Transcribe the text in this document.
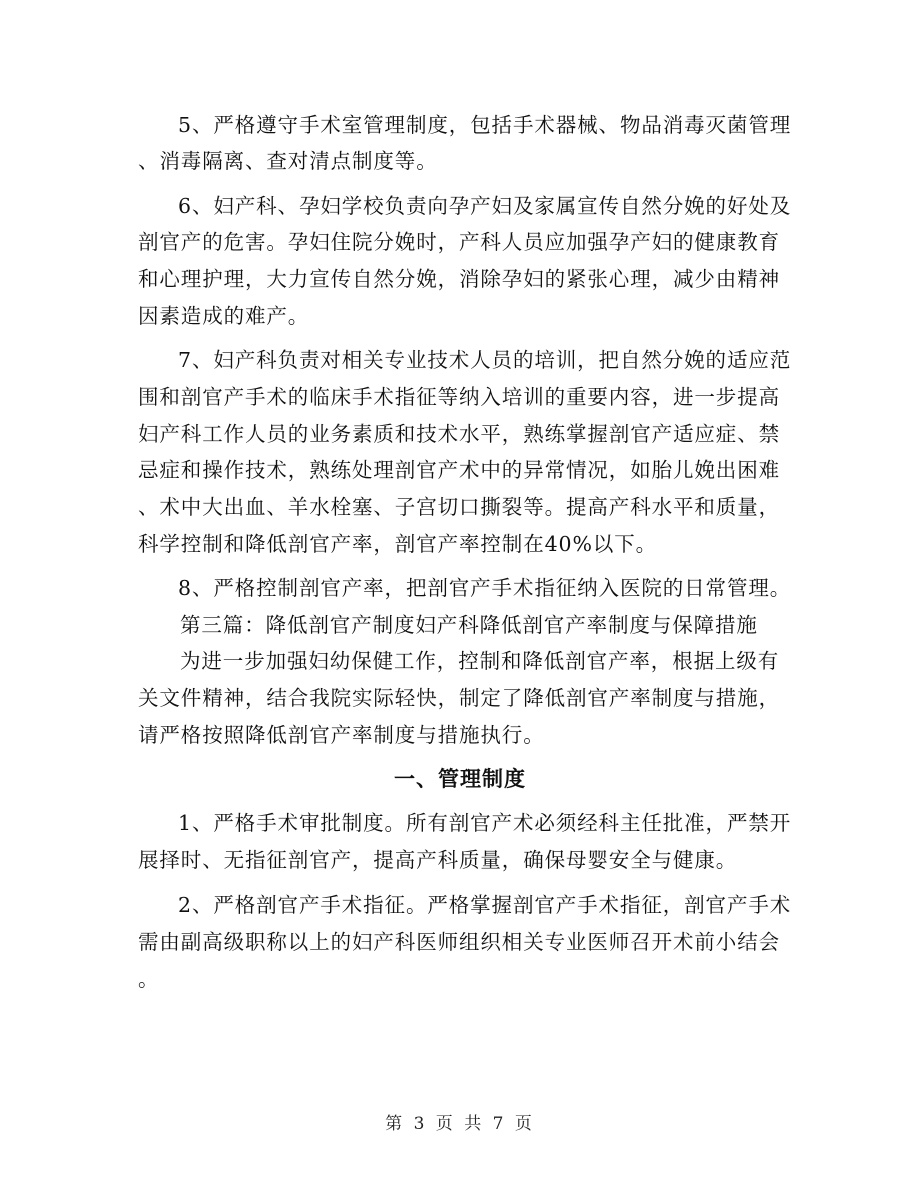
5、严格遵守手术室管理制度，包括手术器械、物品消毒灭菌管理
、消毒隔离、查对清点制度等。
6、妇产科、孕妇学校负责向孕产妇及家属宣传自然分娩的好处及
剖官产的危害。孕妇住院分娩时，产科人员应加强孕产妇的健康教育
和心理护理，大力宣传自然分娩，消除孕妇的紧张心理，减少由精神
因素造成的难产。
7、妇产科负责对相关专业技术人员的培训，把自然分娩的适应范
围和剖官产手术的临床手术指征等纳入培训的重要内容，进一步提高
妇产科工作人员的业务素质和技术水平，熟练掌握剖官产适应症、禁
忌症和操作技术，熟练处理剖官产术中的异常情况，如胎儿娩出困难
、术中大出血、羊水栓塞、子宫切口撕裂等。提高产科水平和质量，
科学控制和降低剖官产率，剖官产率控制在40%以下。
8、严格控制剖官产率，把剖官产手术指征纳入医院的日常管理。
第三篇：降低剖官产制度妇产科降低剖官产率制度与保障措施
为进一步加强妇幼保健工作，控制和降低剖官产率，根据上级有
关文件精神，结合我院实际轻快，制定了降低剖官产率制度与措施，
请严格按照降低剖官产率制度与措施执行。
一、管理制度
1、严格手术审批制度。所有剖官产术必须经科主任批准，严禁开
展择时、无指征剖官产，提高产科质量，确保母婴安全与健康。
2、严格剖官产手术指征。严格掌握剖官产手术指征，剖官产手术
需由副高级职称以上的妇产科医师组织相关专业医师召开术前小结会
。
第 3 页 共 7 页
